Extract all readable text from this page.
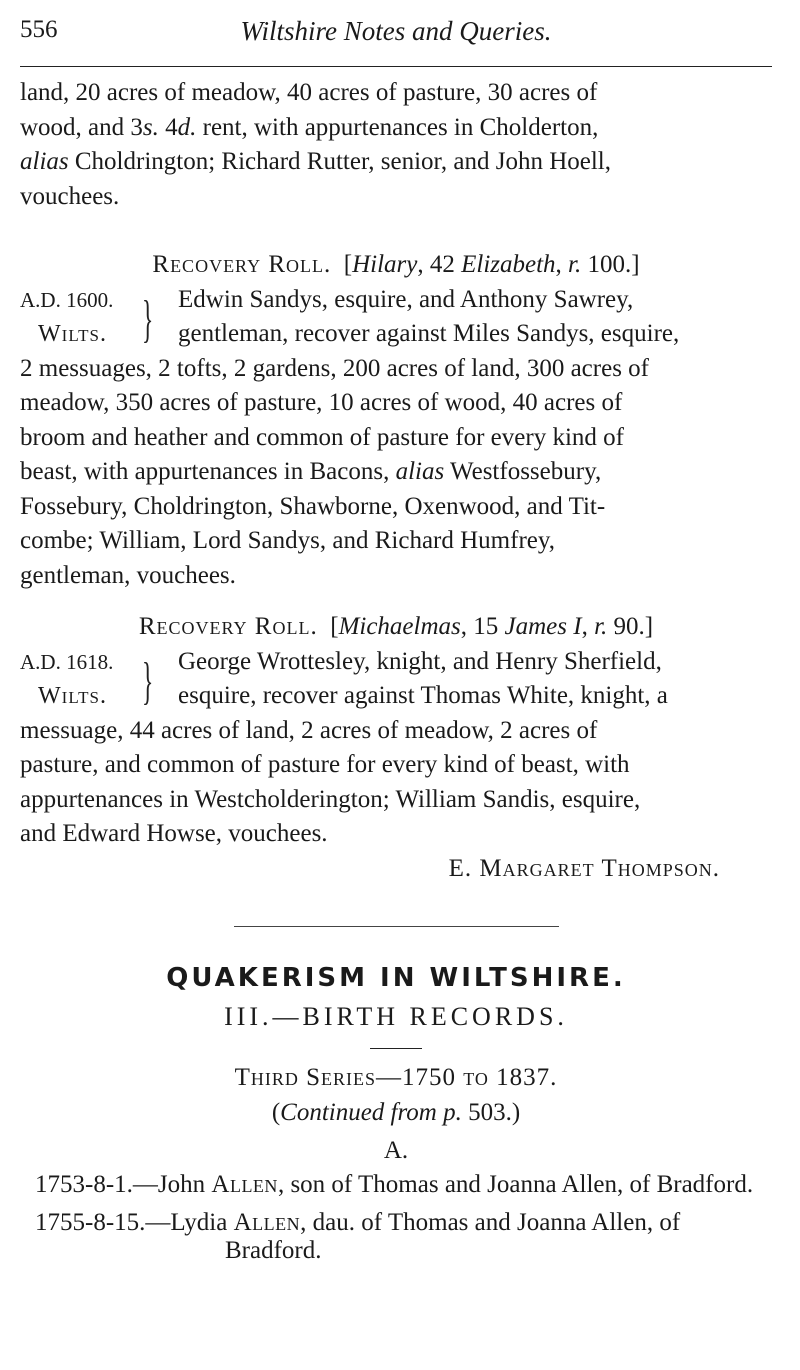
556	Wiltshire Notes and Queries.

land, 20 acres of meadow, 40 acres of pasture, 30 acres of
wood, and 3s. 4d. rent, with appurtenances in Cholderton,
alias Choldrington; Richard Rutter, senior, and John Hoell,
vouchees.

Recovery Roll. [Hilary, 42 Elizabeth, r. 100.]

A.D. 1600.
Wilts. } Edwin Sandys, esquire, and Anthony Sawrey,
gentleman, recover against Miles Sandys, esquire,
2 messuages, 2 tofts, 2 gardens, 200 acres of land, 300 acres of
meadow, 350 acres of pasture, 10 acres of wood, 40 acres of
broom and heather and common of pasture for every kind of
beast, with appurtenances in Bacons, alias Westfossebury,
Fossebury, Choldrington, Shawborne, Oxenwood, and Tit-
combe; William, Lord Sandys, and Richard Humfrey,
gentleman, vouchees.

Recovery Roll. [Michaelmas, 15 James I, r. 90.]

A.D. 1618.
Wilts. } George Wrottesley, knight, and Henry Sherfield,
esquire, recover against Thomas White, knight, a
messuage, 44 acres of land, 2 acres of meadow, 2 acres of
pasture, and common of pasture for every kind of beast, with
appurtenances in Westcholderington; William Sandis, esquire,
and Edward Howse, vouchees.

E. Margaret Thompson.

QUAKERISM IN WILTSHIRE.

III.—BIRTH RECORDS.

Third Series—1750 to 1837.

(Continued from p. 503.)

A.

1753-8-1.—John Allen, son of Thomas and Joanna Allen, of Bradford.

1755-8-15.—Lydia Allen, dau. of Thomas and Joanna Allen, of Bradford.
